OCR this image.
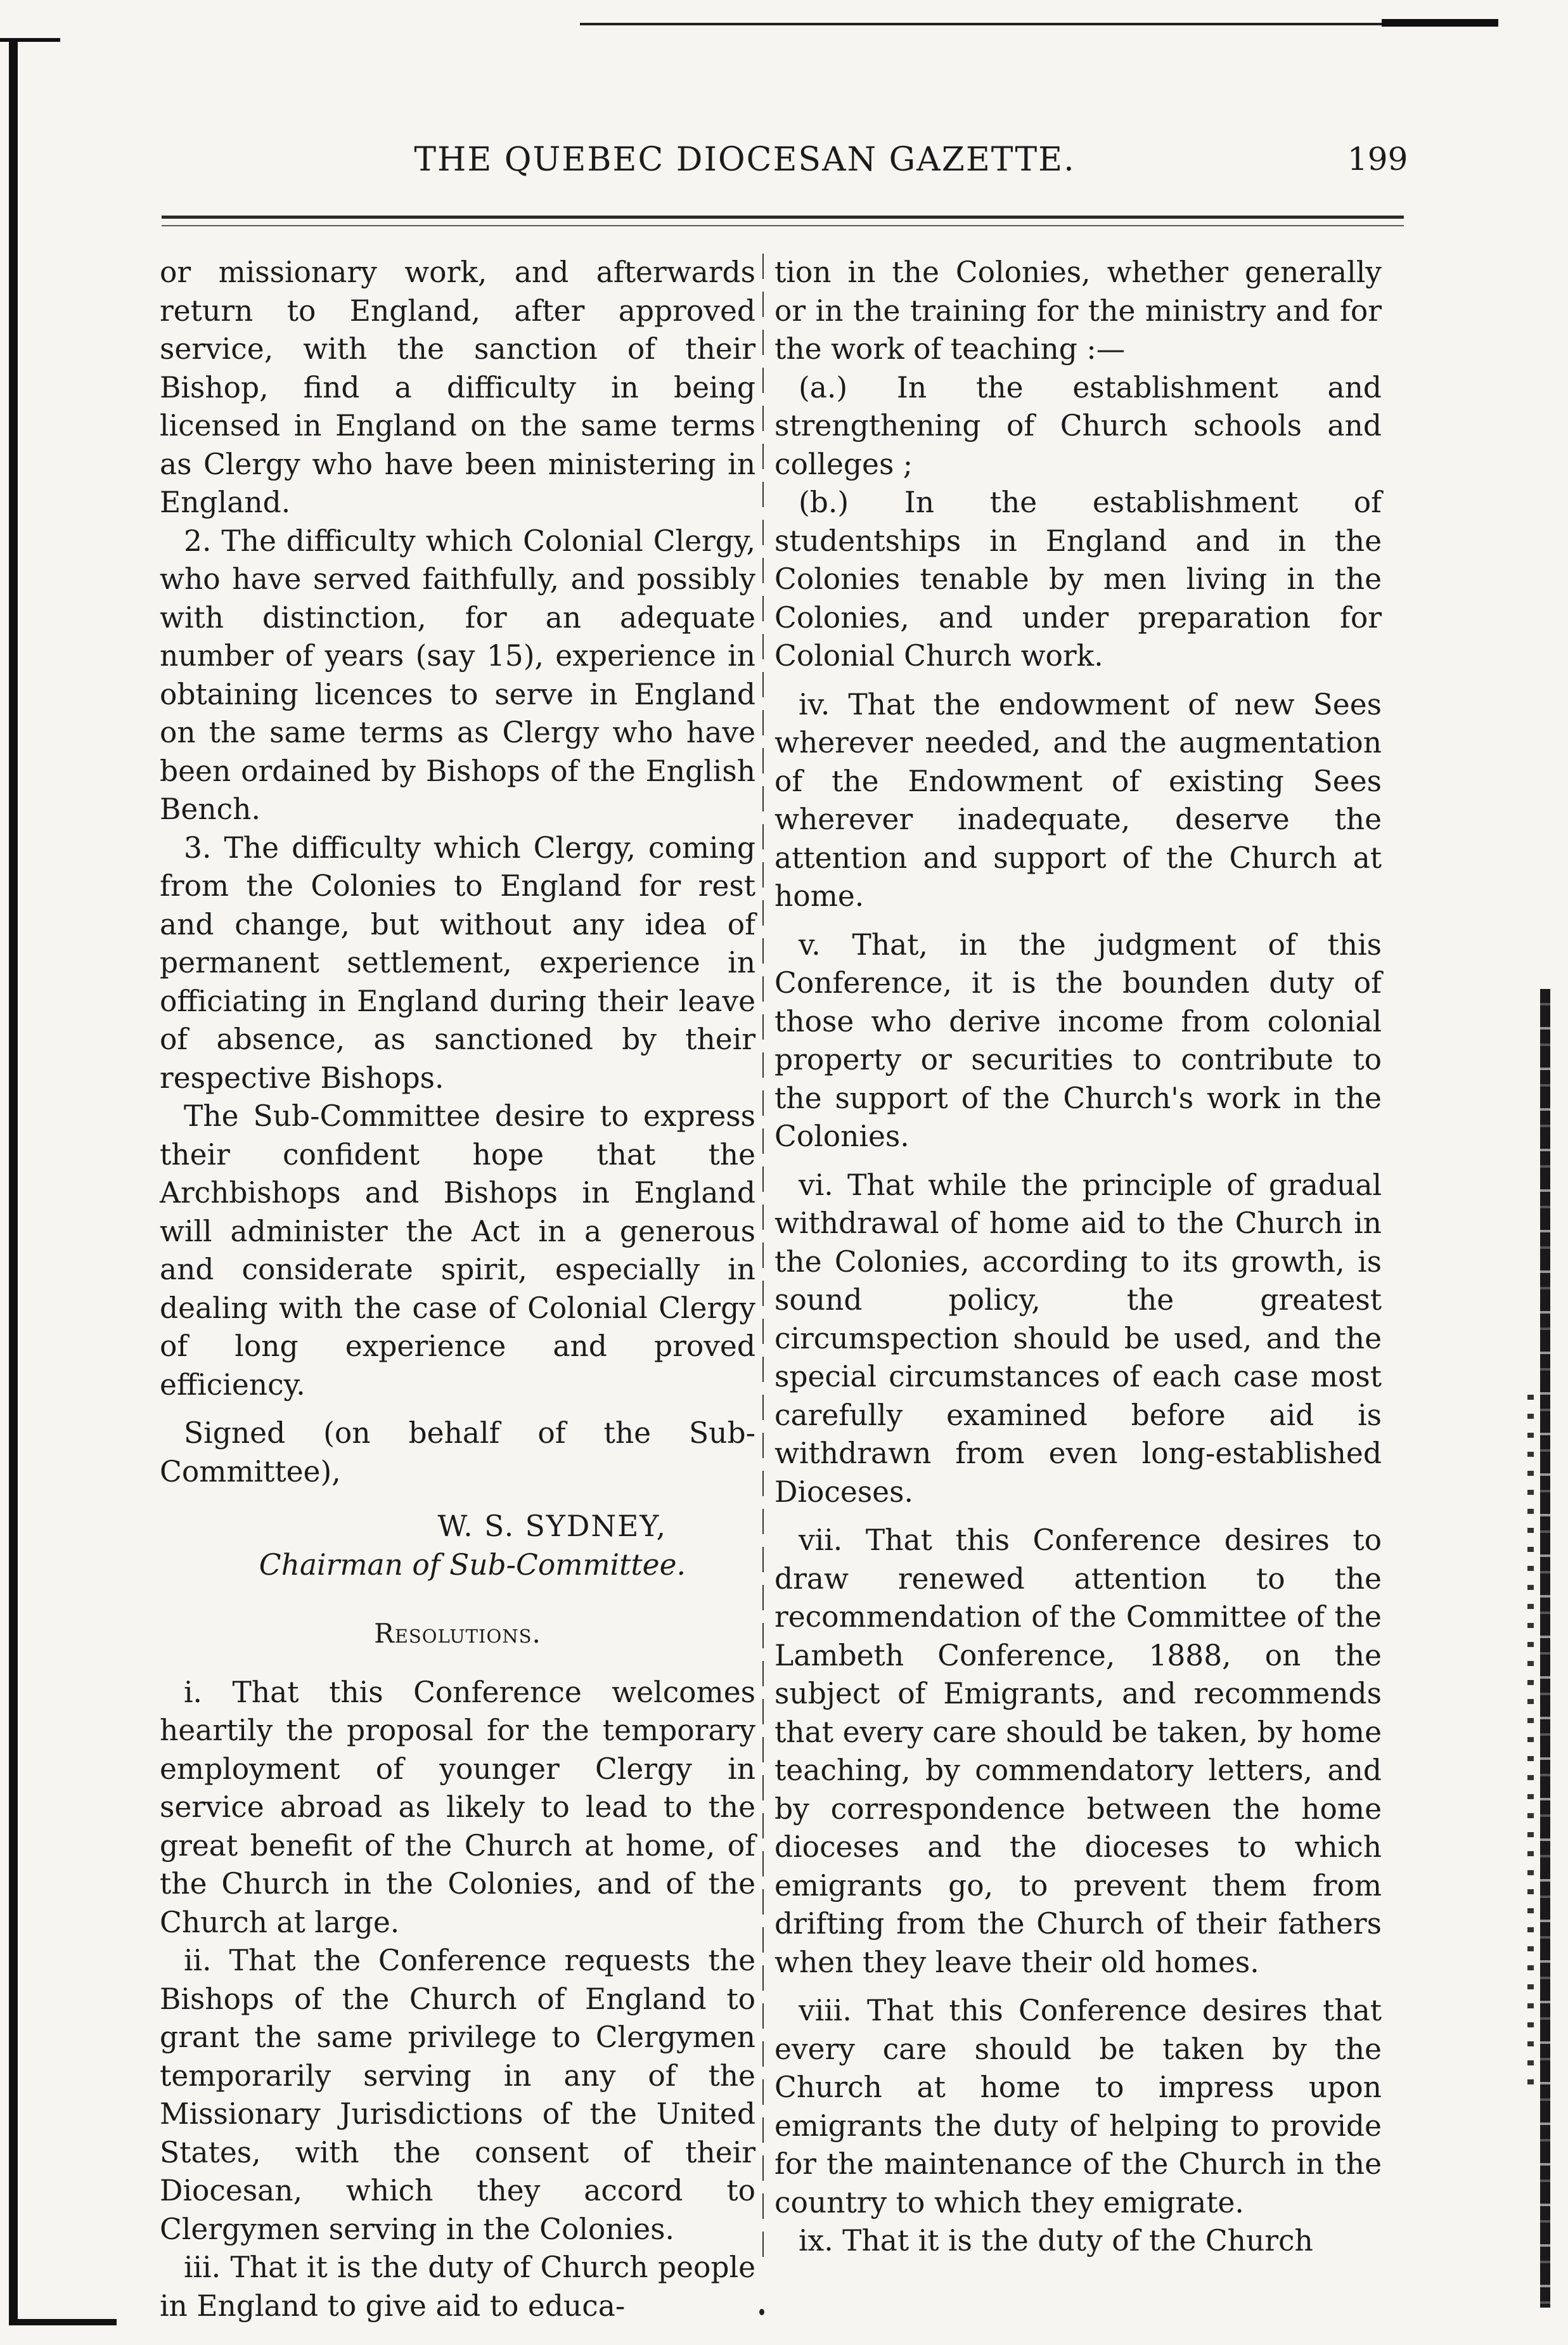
THE QUEBEC DIOCESAN GAZETTE.	199

or missionary work, and afterwards return to England, after approved service, with the sanction of their Bishop, find a difficulty in being licensed in England on the same terms as Clergy who have been ministering in England.

2. The difficulty which Colonial Clergy, who have served faithfully, and possibly with distinction, for an adequate number of years (say 15), experience in obtaining licences to serve in England on the same terms as Clergy who have been ordained by Bishops of the English Bench.

3. The difficulty which Clergy, coming from the Colonies to England for rest and change, but without any idea of permanent settlement, experience in officiating in England during their leave of absence, as sanctioned by their respective Bishops.

The Sub-Committee desire to express their confident hope that the Archbishops and Bishops in England will administer the Act in a generous and considerate spirit, especially in dealing with the case of Colonial Clergy of long experience and proved efficiency.

Signed (on behalf of the Sub-Committee),

W. S. SYDNEY,

Chairman of Sub-Committee.

Resolutions.

i. That this Conference welcomes heartily the proposal for the temporary employment of younger Clergy in service abroad as likely to lead to the great benefit of the Church at home, of the Church in the Colonies, and of the Church at large.

ii. That the Conference requests the Bishops of the Church of England to grant the same privilege to Clergymen temporarily serving in any of the Missionary Jurisdictions of the United States, with the consent of their Diocesan, which they accord to Clergymen serving in the Colonies.

iii. That it is the duty of Church people in England to give aid to educa-

tion in the Colonies, whether generally or in the training for the ministry and for the work of teaching :—

(a.) In the establishment and strengthening of Church schools and colleges ;

(b.) In the establishment of studentships in England and in the Colonies tenable by men living in the Colonies, and under preparation for Colonial Church work.

iv. That the endowment of new Sees wherever needed, and the augmentation of the Endowment of existing Sees wherever inadequate, deserve the attention and support of the Church at home.

v. That, in the judgment of this Conference, it is the bounden duty of those who derive income from colonial property or securities to contribute to the support of the Church's work in the Colonies.

vi. That while the principle of gradual withdrawal of home aid to the Church in the Colonies, according to its growth, is sound policy, the greatest circumspection should be used, and the special circumstances of each case most carefully examined before aid is withdrawn from even long-established Dioceses.

vii. That this Conference desires to draw renewed attention to the recommendation of the Committee of the Lambeth Conference, 1888, on the subject of Emigrants, and recommends that every care should be taken, by home teaching, by commendatory letters, and by correspondence between the home dioceses and the dioceses to which emigrants go, to prevent them from drifting from the Church of their fathers when they leave their old homes.

viii. That this Conference desires that every care should be taken by the Church at home to impress upon emigrants the duty of helping to provide for the maintenance of the Church in the country to which they emigrate.

ix. That it is the duty of the Church
